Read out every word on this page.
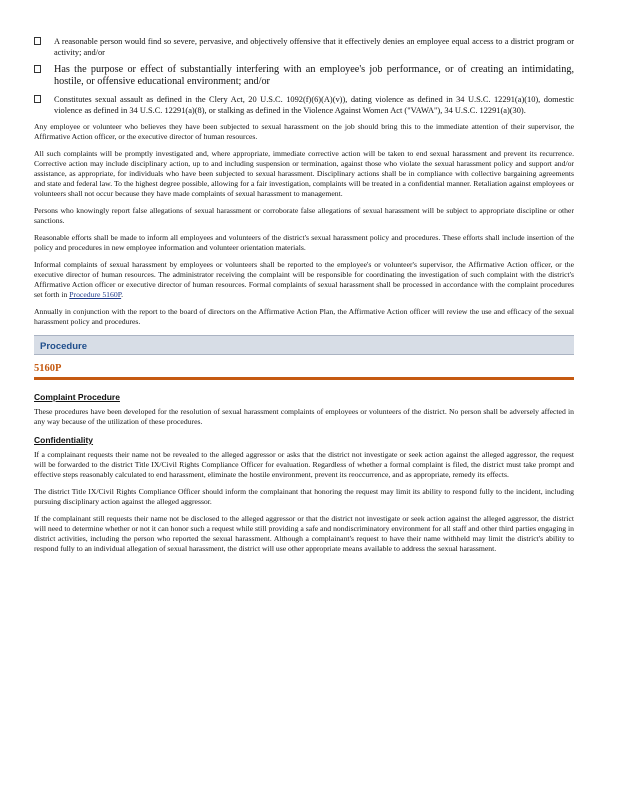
A reasonable person would find so severe, pervasive, and objectively offensive that it effectively denies an employee equal access to a district program or activity; and/or
Has the purpose or effect of substantially interfering with an employee's job performance, or of creating an intimidating, hostile, or offensive educational environment; and/or
Constitutes sexual assault as defined in the Clery Act, 20 U.S.C. 1092(f)(6)(A)(v)), dating violence as defined in 34 U.S.C. 12291(a)(10), domestic violence as defined in 34 U.S.C. 12291(a)(8), or stalking as defined in the Violence Against Women Act ("VAWA"), 34 U.S.C. 12291(a)(30).

Any employee or volunteer who believes they have been subjected to sexual harassment on the job should bring this to the immediate attention of their supervisor, the Affirmative Action officer, or the executive director of human resources.

All such complaints will be promptly investigated and, where appropriate, immediate corrective action will be taken to end sexual harassment and prevent its recurrence. Corrective action may include disciplinary action, up to and including suspension or termination, against those who violate the sexual harassment policy and support and/or assistance, as appropriate, for individuals who have been subjected to sexual harassment. Disciplinary actions shall be in compliance with collective bargaining agreements and state and federal law. To the highest degree possible, allowing for a fair investigation, complaints will be treated in a confidential manner. Retaliation against employees or volunteers shall not occur because they have made complaints of sexual harassment to management.

Persons who knowingly report false allegations of sexual harassment or corroborate false allegations of sexual harassment will be subject to appropriate discipline or other sanctions.

Reasonable efforts shall be made to inform all employees and volunteers of the district's sexual harassment policy and procedures. These efforts shall include insertion of the policy and procedures in new employee information and volunteer orientation materials.

Informal complaints of sexual harassment by employees or volunteers shall be reported to the employee's or volunteer's supervisor, the Affirmative Action officer, or the executive director of human resources. The administrator receiving the complaint will be responsible for coordinating the investigation of such complaint with the district's Affirmative Action officer or executive director of human resources. Formal complaints of sexual harassment shall be processed in accordance with the complaint procedures set forth in Procedure 5160P.

Annually in conjunction with the report to the board of directors on the Affirmative Action Plan, the Affirmative Action officer will review the use and efficacy of the sexual harassment policy and procedures.

Procedure
5160P
Complaint Procedure

These procedures have been developed for the resolution of sexual harassment complaints of employees or volunteers of the district. No person shall be adversely affected in any way because of the utilization of these procedures.

Confidentiality

If a complainant requests their name not be revealed to the alleged aggressor or asks that the district not investigate or seek action against the alleged aggressor, the request will be forwarded to the district Title IX/Civil Rights Compliance Officer for evaluation. Regardless of whether a formal complaint is filed, the district must take prompt and effective steps reasonably calculated to end harassment, eliminate the hostile environment, prevent its reoccurrence, and as appropriate, remedy its effects.

The district Title IX/Civil Rights Compliance Officer should inform the complainant that honoring the request may limit its ability to respond fully to the incident, including pursuing disciplinary action against the alleged aggressor.

If the complainant still requests their name not be disclosed to the alleged aggressor or that the district not investigate or seek action against the alleged aggressor, the district will need to determine whether or not it can honor such a request while still providing a safe and nondiscriminatory environment for all staff and other third parties engaging in district activities, including the person who reported the sexual harassment. Although a complainant's request to have their name withheld may limit the district's ability to respond fully to an individual allegation of sexual harassment, the district will use other appropriate means available to address the sexual harassment.
